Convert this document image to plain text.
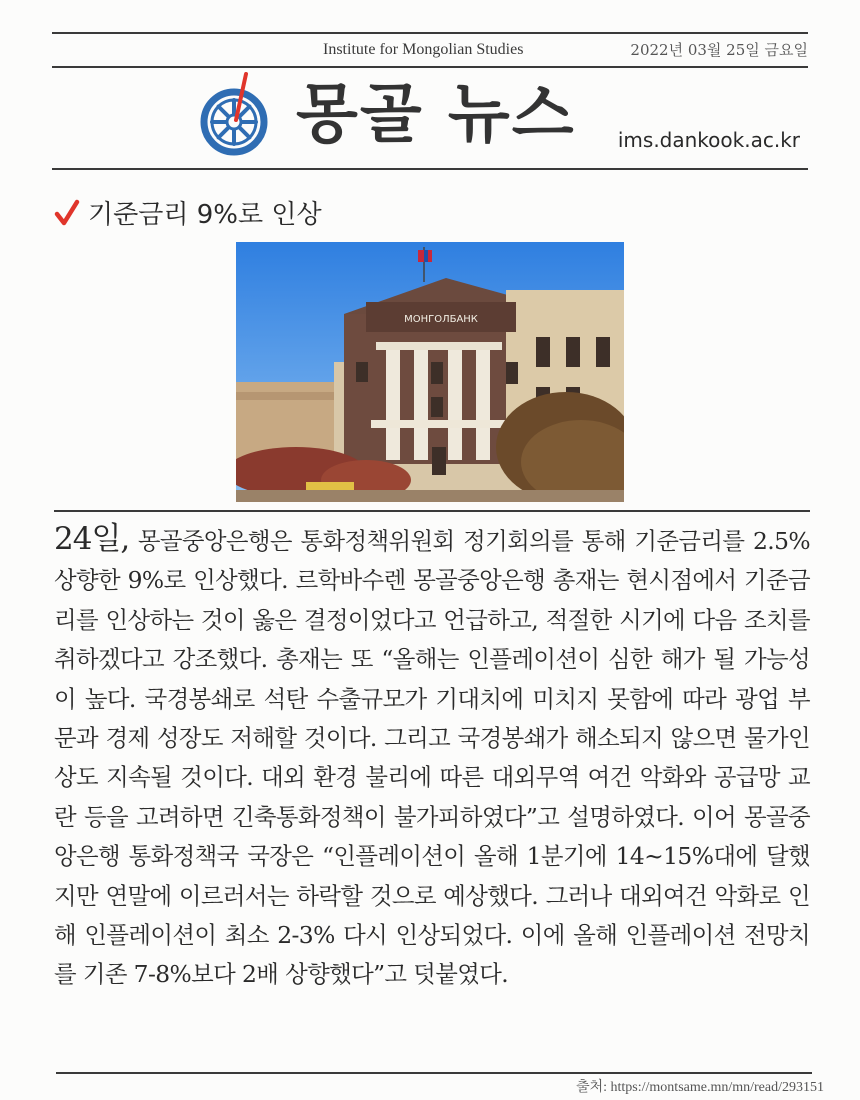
Institute for Mongolian Studies	2022년 03월 25일 금요일
몽골 뉴스 ims.dankook.ac.kr
기준금리 9%로 인상
МОНГОЛБАНК

24일, 몽골중앙은행은 통화정책위원회 정기회의를 통해 기준금리를 2.5% 상향한 9%로 인상했다. 르학바수렌 몽골중앙은행 총재는 현시점에서 기준금리를 인상하는 것이 옳은 결정이었다고 언급하고, 적절한 시기에 다음 조치를 취하겠다고 강조했다. 총재는 또 “올해는 인플레이션이 심한 해가 될 가능성이 높다. 국경봉쇄로 석탄 수출규모가 기대치에 미치지 못함에 따라 광업 부문과 경제 성장도 저해할 것이다. 그리고 국경봉쇄가 해소되지 않으면 물가인상도 지속될 것이다. 대외 환경 불리에 따른 대외무역 여건 악화와 공급망 교란 등을 고려하면 긴축통화정책이 불가피하였다”고 설명하였다. 이어 몽골중앙은행 통화정책국 국장은 “인플레이션이 올해 1분기에 14~15%대에 달했지만 연말에 이르러서는 하락할 것으로 예상했다. 그러나 대외여건 악화로 인해 인플레이션이 최소 2-3% 다시 인상되었다. 이에 올해 인플레이션 전망치를 기존 7-8%보다 2배 상향했다”고 덧붙였다.

출처: https://montsame.mn/mn/read/293151
